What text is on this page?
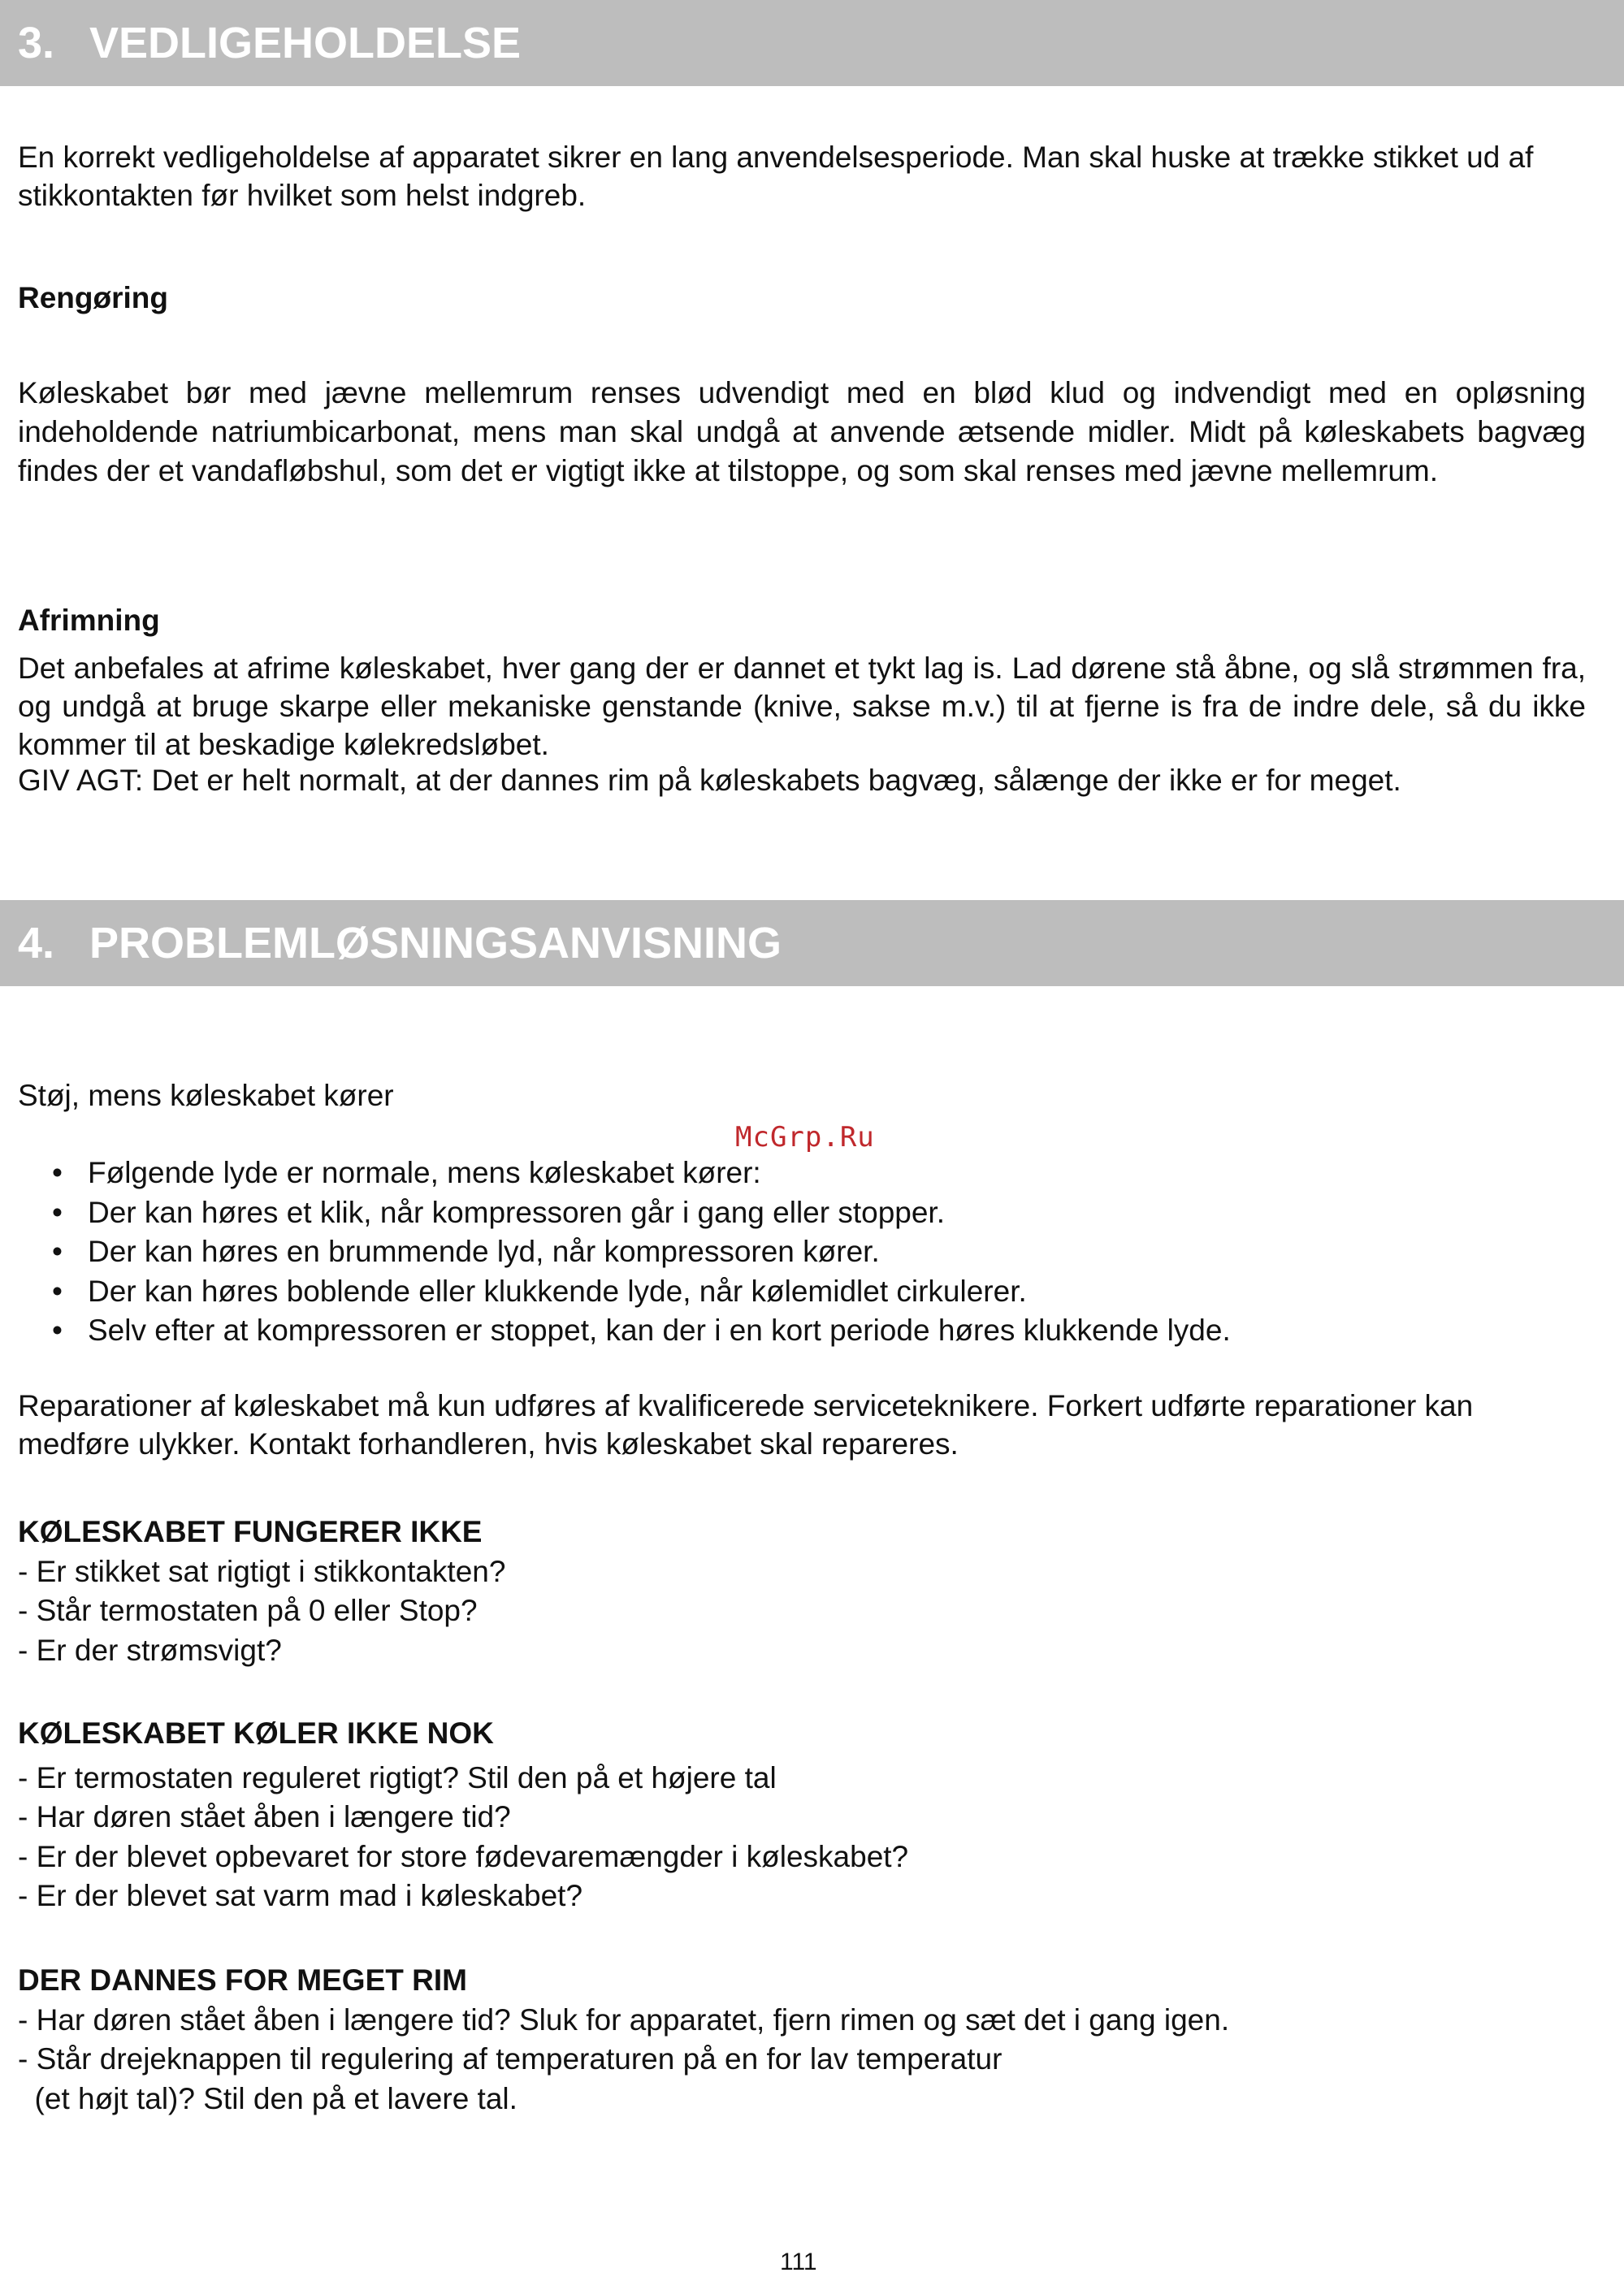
3. VEDLIGEHOLDELSE
En korrekt vedligeholdelse af apparatet sikrer en lang anvendelsesperiode. Man skal huske at trække stikket ud af stikkontakten før hvilket som helst indgreb.
Rengøring
Køleskabet bør med jævne mellemrum renses udvendigt med en blød klud og indvendigt med en opløsning indeholdende natriumbicarbonat, mens man skal undgå at anvende ætsende midler. Midt på køleskabets bagvæg findes der et vandafløbshul, som det er vigtigt ikke at tilstoppe, og som skal renses med jævne mellemrum.
Afrimning
Det anbefales at afrime køleskabet, hver gang der er dannet et tykt lag is. Lad dørene stå åbne, og slå strømmen fra, og undgå at bruge skarpe eller mekaniske genstande (knive, sakse m.v.) til at fjerne is fra de indre dele, så du ikke kommer til at beskadige kølekredsløbet.
GIV AGT: Det er helt normalt, at der dannes rim på køleskabets bagvæg, sålænge der ikke er for meget.
4. PROBLEMLØSNINGSANVISNING
Støj, mens køleskabet kører
McGrp.Ru
• Følgende lyde er normale, mens køleskabet kører:
• Der kan høres et klik, når kompressoren går i gang eller stopper.
• Der kan høres en brummende lyd, når kompressoren kører.
• Der kan høres boblende eller klukkende lyde, når kølemidlet cirkulerer.
• Selv efter at kompressoren er stoppet, kan der i en kort periode høres klukkende lyde.
Reparationer af køleskabet må kun udføres af kvalificerede serviceteknikere. Forkert udførte reparationer kan medføre ulykker. Kontakt forhandleren, hvis køleskabet skal repareres.
KØLESKABET FUNGERER IKKE
- Er stikket sat rigtigt i stikkontakten?
- Står termostaten på 0 eller Stop?
- Er der strømsvigt?
KØLESKABET KØLER IKKE NOK
- Er termostaten reguleret rigtigt? Stil den på et højere tal
- Har døren stået åben i længere tid?
- Er der blevet opbevaret for store fødevaremængder i køleskabet?
- Er der blevet sat varm mad i køleskabet?
DER DANNES FOR MEGET RIM
- Har døren stået åben i længere tid? Sluk for apparatet, fjern rimen og sæt det i gang igen.
- Står drejeknappen til regulering af temperaturen på en for lav temperatur
(et højt tal)? Stil den på et lavere tal.
111
